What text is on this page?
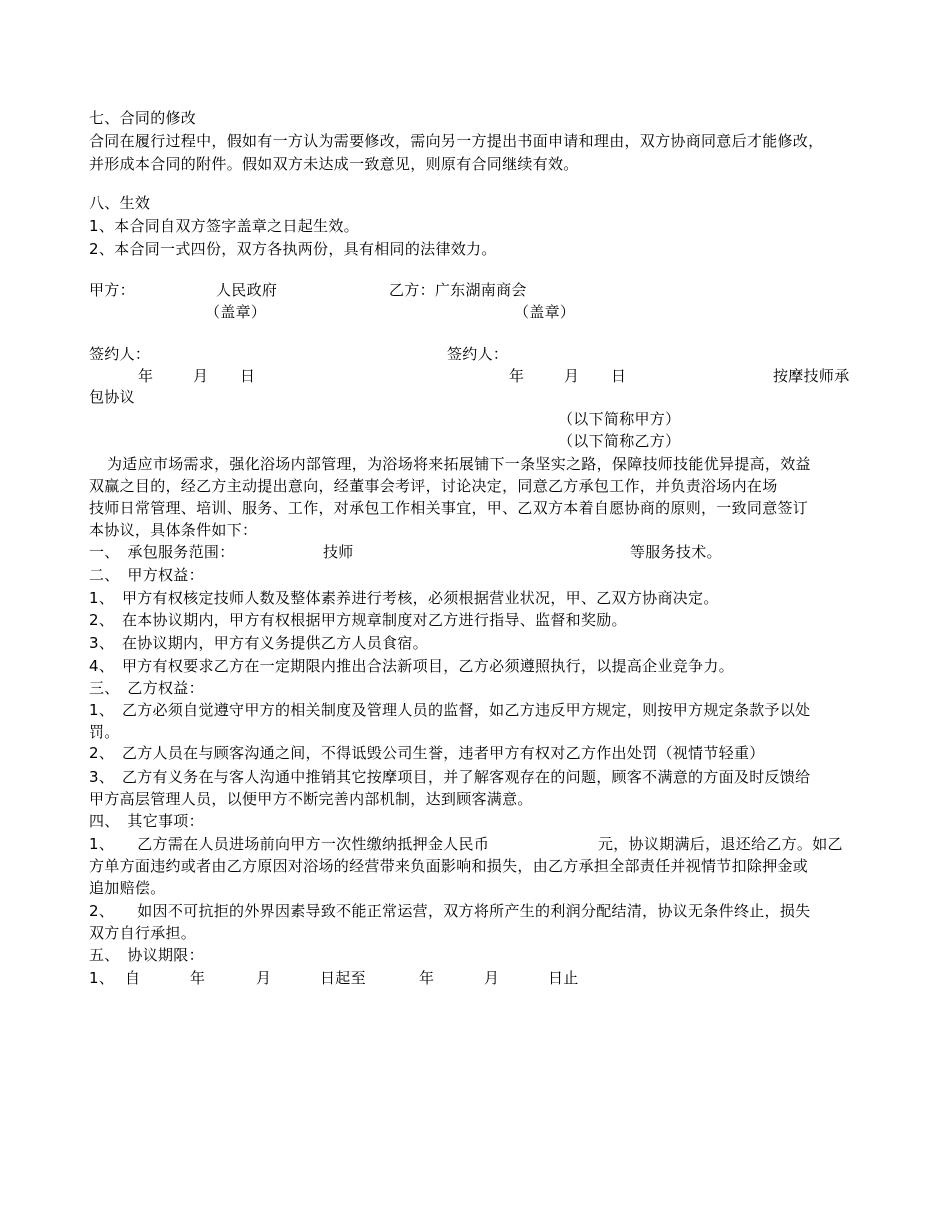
七、合同的修改
合同在履行过程中，假如有一方认为需要修改，需向另一方提出书面申请和理由，双方协商同意后才能修改，
并形成本合同的附件。假如双方未达成一致意见，则原有合同继续有效。
八、生效
1、本合同自双方签字盖章之日起生效。
2、本合同一式四份，双方各执两份，具有相同的法律效力。
甲方：	人民政府	乙方：广东湖南商会
（盖章）	（盖章）
签约人：	签约人：
年	月 日	年	月 日	按摩技师承
包协议
（以下简称甲方）
（以下简称乙方）
为适应市场需求，强化浴场内部管理，为浴场将来拓展铺下一条坚实之路，保障技师技能优异提高，效益
双赢之目的，经乙方主动提出意向，经董事会考评，讨论决定，同意乙方承包工作，并负责浴场内在场
技师日常管理、培训、服务、工作，对承包工作相关事宜，甲、乙双方本着自愿协商的原则，一致同意签订
本协议，具体条件如下：
一、　承包服务范围：	技师	等服务技术。
二、　甲方权益：
1、　甲方有权核定技师人数及整体素养进行考核，必须根据营业状况，甲、乙双方协商决定。
2、　在本协议期内，甲方有权根据甲方规章制度对乙方进行指导、监督和奖励。
3、　在协议期内，甲方有义务提供乙方人员食宿。
4、　甲方有权要求乙方在一定期限内推出合法新项目，乙方必须遵照执行，以提高企业竞争力。
三、　乙方权益：
1、　乙方必须自觉遵守甲方的相关制度及管理人员的监督，如乙方违反甲方规定，则按甲方规定条款予以处
罚。
2、　乙方人员在与顾客沟通之间，不得诋毁公司生誉，违者甲方有权对乙方作出处罚（视情节轻重）
3、　乙方有义务在与客人沟通中推销其它按摩项目，并了解客观存在的问题，顾客不满意的方面及时反馈给
甲方高层管理人员，以便甲方不断完善内部机制，达到顾客满意。
四、　其它事项：
1、　　乙方需在人员进场前向甲方一次性缴纳抵押金人民币	元，协议期满后，退还给乙方。如乙
方单方面违约或者由乙方原因对浴场的经营带来负面影响和损失，由乙方承担全部责任并视情节扣除押金或
追加赔偿。
2、　　如因不可抗拒的外界因素导致不能正常运营，双方将所产生的利润分配结清，协议无条件终止，损失
双方自行承担。
五、　协议期限：
1、 自	年	月	日起至	年	月	日止
